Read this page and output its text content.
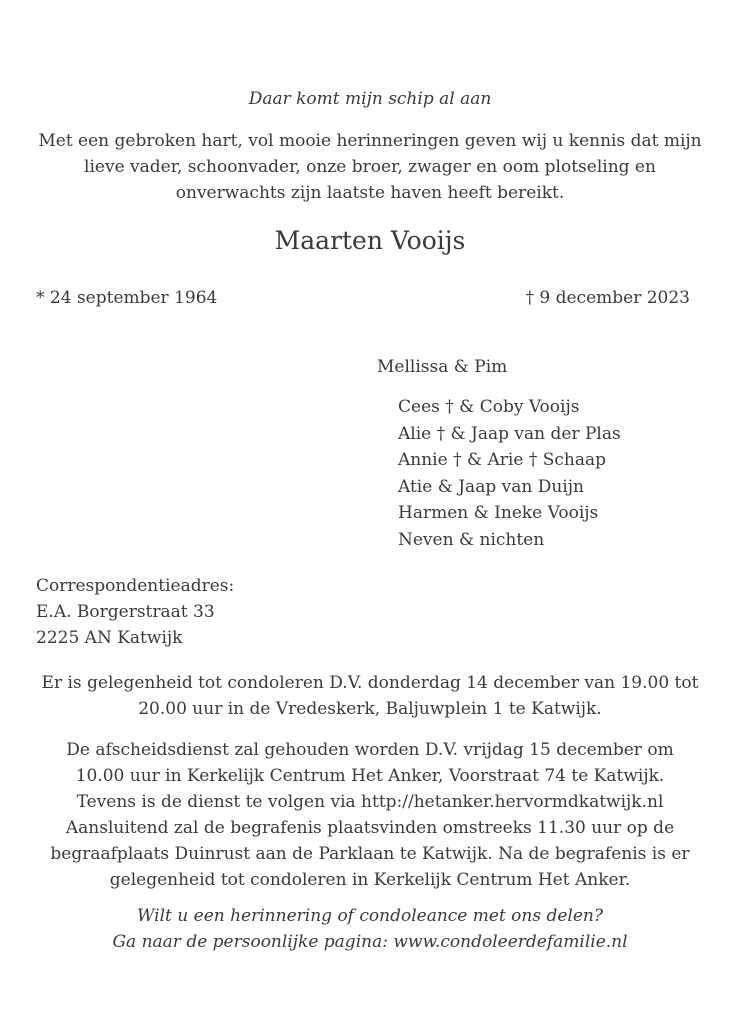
Daar komt mijn schip al aan
Met een gebroken hart, vol mooie herinneringen geven wij u kennis dat mijn
lieve vader, schoonvader, onze broer, zwager en oom plotseling en
onverwachts zijn laatste haven heeft bereikt.
Maarten Vooijs
* 24 september 1964	† 9 december 2023
Mellissa & Pim
Cees † & Coby Vooijs
Alie † & Jaap van der Plas
Annie † & Arie † Schaap
Atie & Jaap van Duijn
Harmen & Ineke Vooijs
Neven & nichten
Correspondentieadres:
E.A. Borgerstraat 33
2225 AN Katwijk
Er is gelegenheid tot condoleren D.V. donderdag 14 december van 19.00 tot
20.00 uur in de Vredeskerk, Baljuwplein 1 te Katwijk.
De afscheidsdienst zal gehouden worden D.V. vrijdag 15 december om
10.00 uur in Kerkelijk Centrum Het Anker, Voorstraat 74 te Katwijk.
Tevens is de dienst te volgen via http://hetanker.hervormdkatwijk.nl
Aansluitend zal de begrafenis plaatsvinden omstreeks 11.30 uur op de
begraafplaats Duinrust aan de Parklaan te Katwijk. Na de begrafenis is er
gelegenheid tot condoleren in Kerkelijk Centrum Het Anker.
Wilt u een herinnering of condoleance met ons delen?
Ga naar de persoonlijke pagina: www.condoleerdefamilie.nl
